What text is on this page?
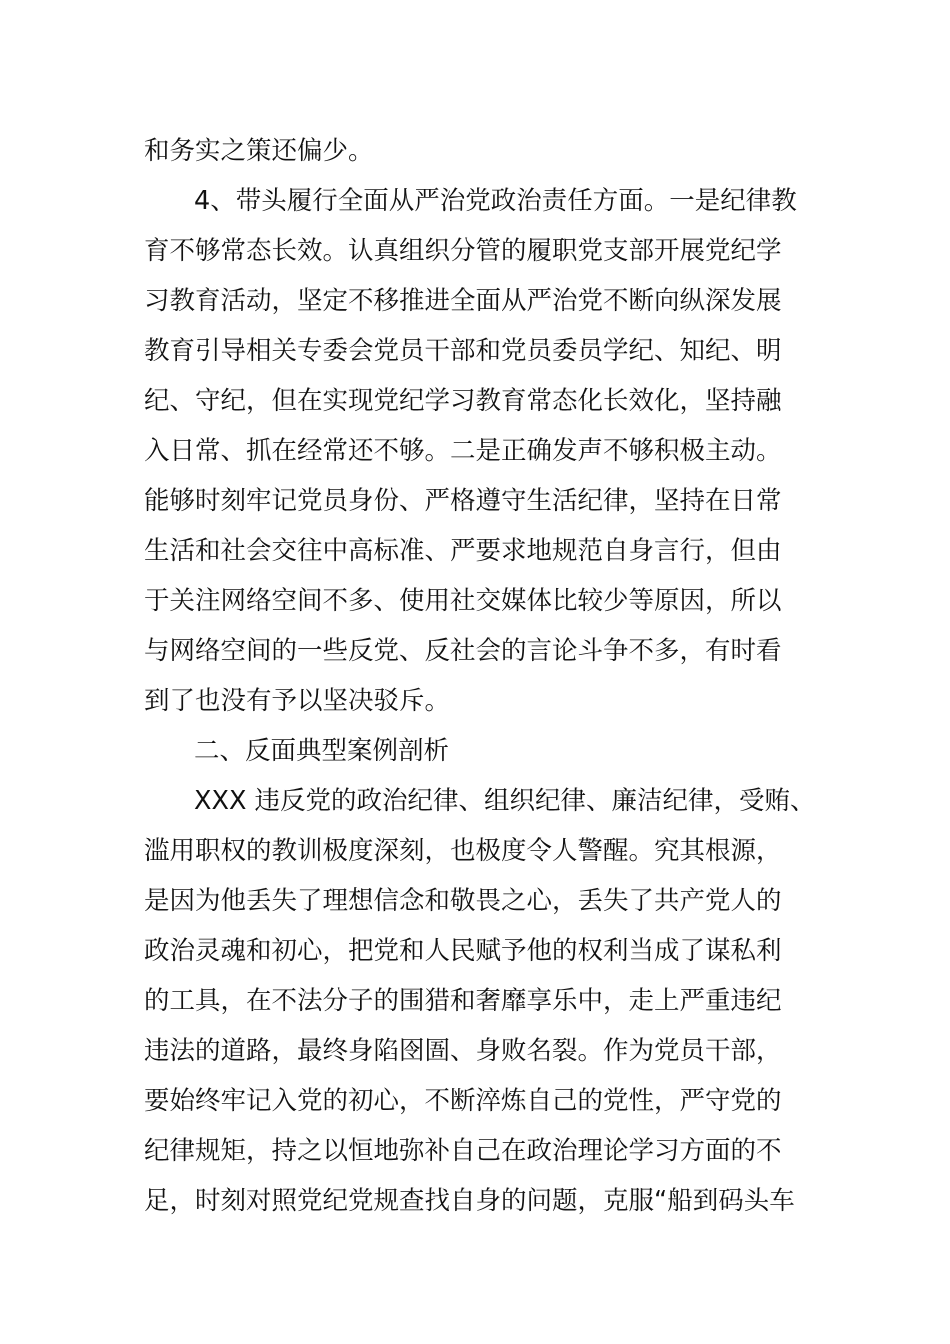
和务实之策还偏少。
4、带头履行全面从严治党政治责任方面。一是纪律教
育不够常态长效。认真组织分管的履职党支部开展党纪学
习教育活动，坚定不移推进全面从严治党不断向纵深发展
教育引导相关专委会党员干部和党员委员学纪、知纪、明
纪、守纪，但在实现党纪学习教育常态化长效化，坚持融
入日常、抓在经常还不够。二是正确发声不够积极主动。
能够时刻牢记党员身份、严格遵守生活纪律，坚持在日常
生活和社会交往中高标准、严要求地规范自身言行，但由
于关注网络空间不多、使用社交媒体比较少等原因，所以
与网络空间的一些反党、反社会的言论斗争不多，有时看
到了也没有予以坚决驳斥。
二、反面典型案例剖析
XXX 违反党的政治纪律、组织纪律、廉洁纪律，受贿、
滥用职权的教训极度深刻，也极度令人警醒。究其根源，
是因为他丢失了理想信念和敬畏之心，丢失了共产党人的
政治灵魂和初心，把党和人民赋予他的权利当成了谋私利
的工具，在不法分子的围猎和奢靡享乐中，走上严重违纪
违法的道路，最终身陷囹圄、身败名裂。作为党员干部，
要始终牢记入党的初心，不断淬炼自己的党性，严守党的
纪律规矩，持之以恒地弥补自己在政治理论学习方面的不
足，时刻对照党纪党规查找自身的问题，克服“船到码头车
